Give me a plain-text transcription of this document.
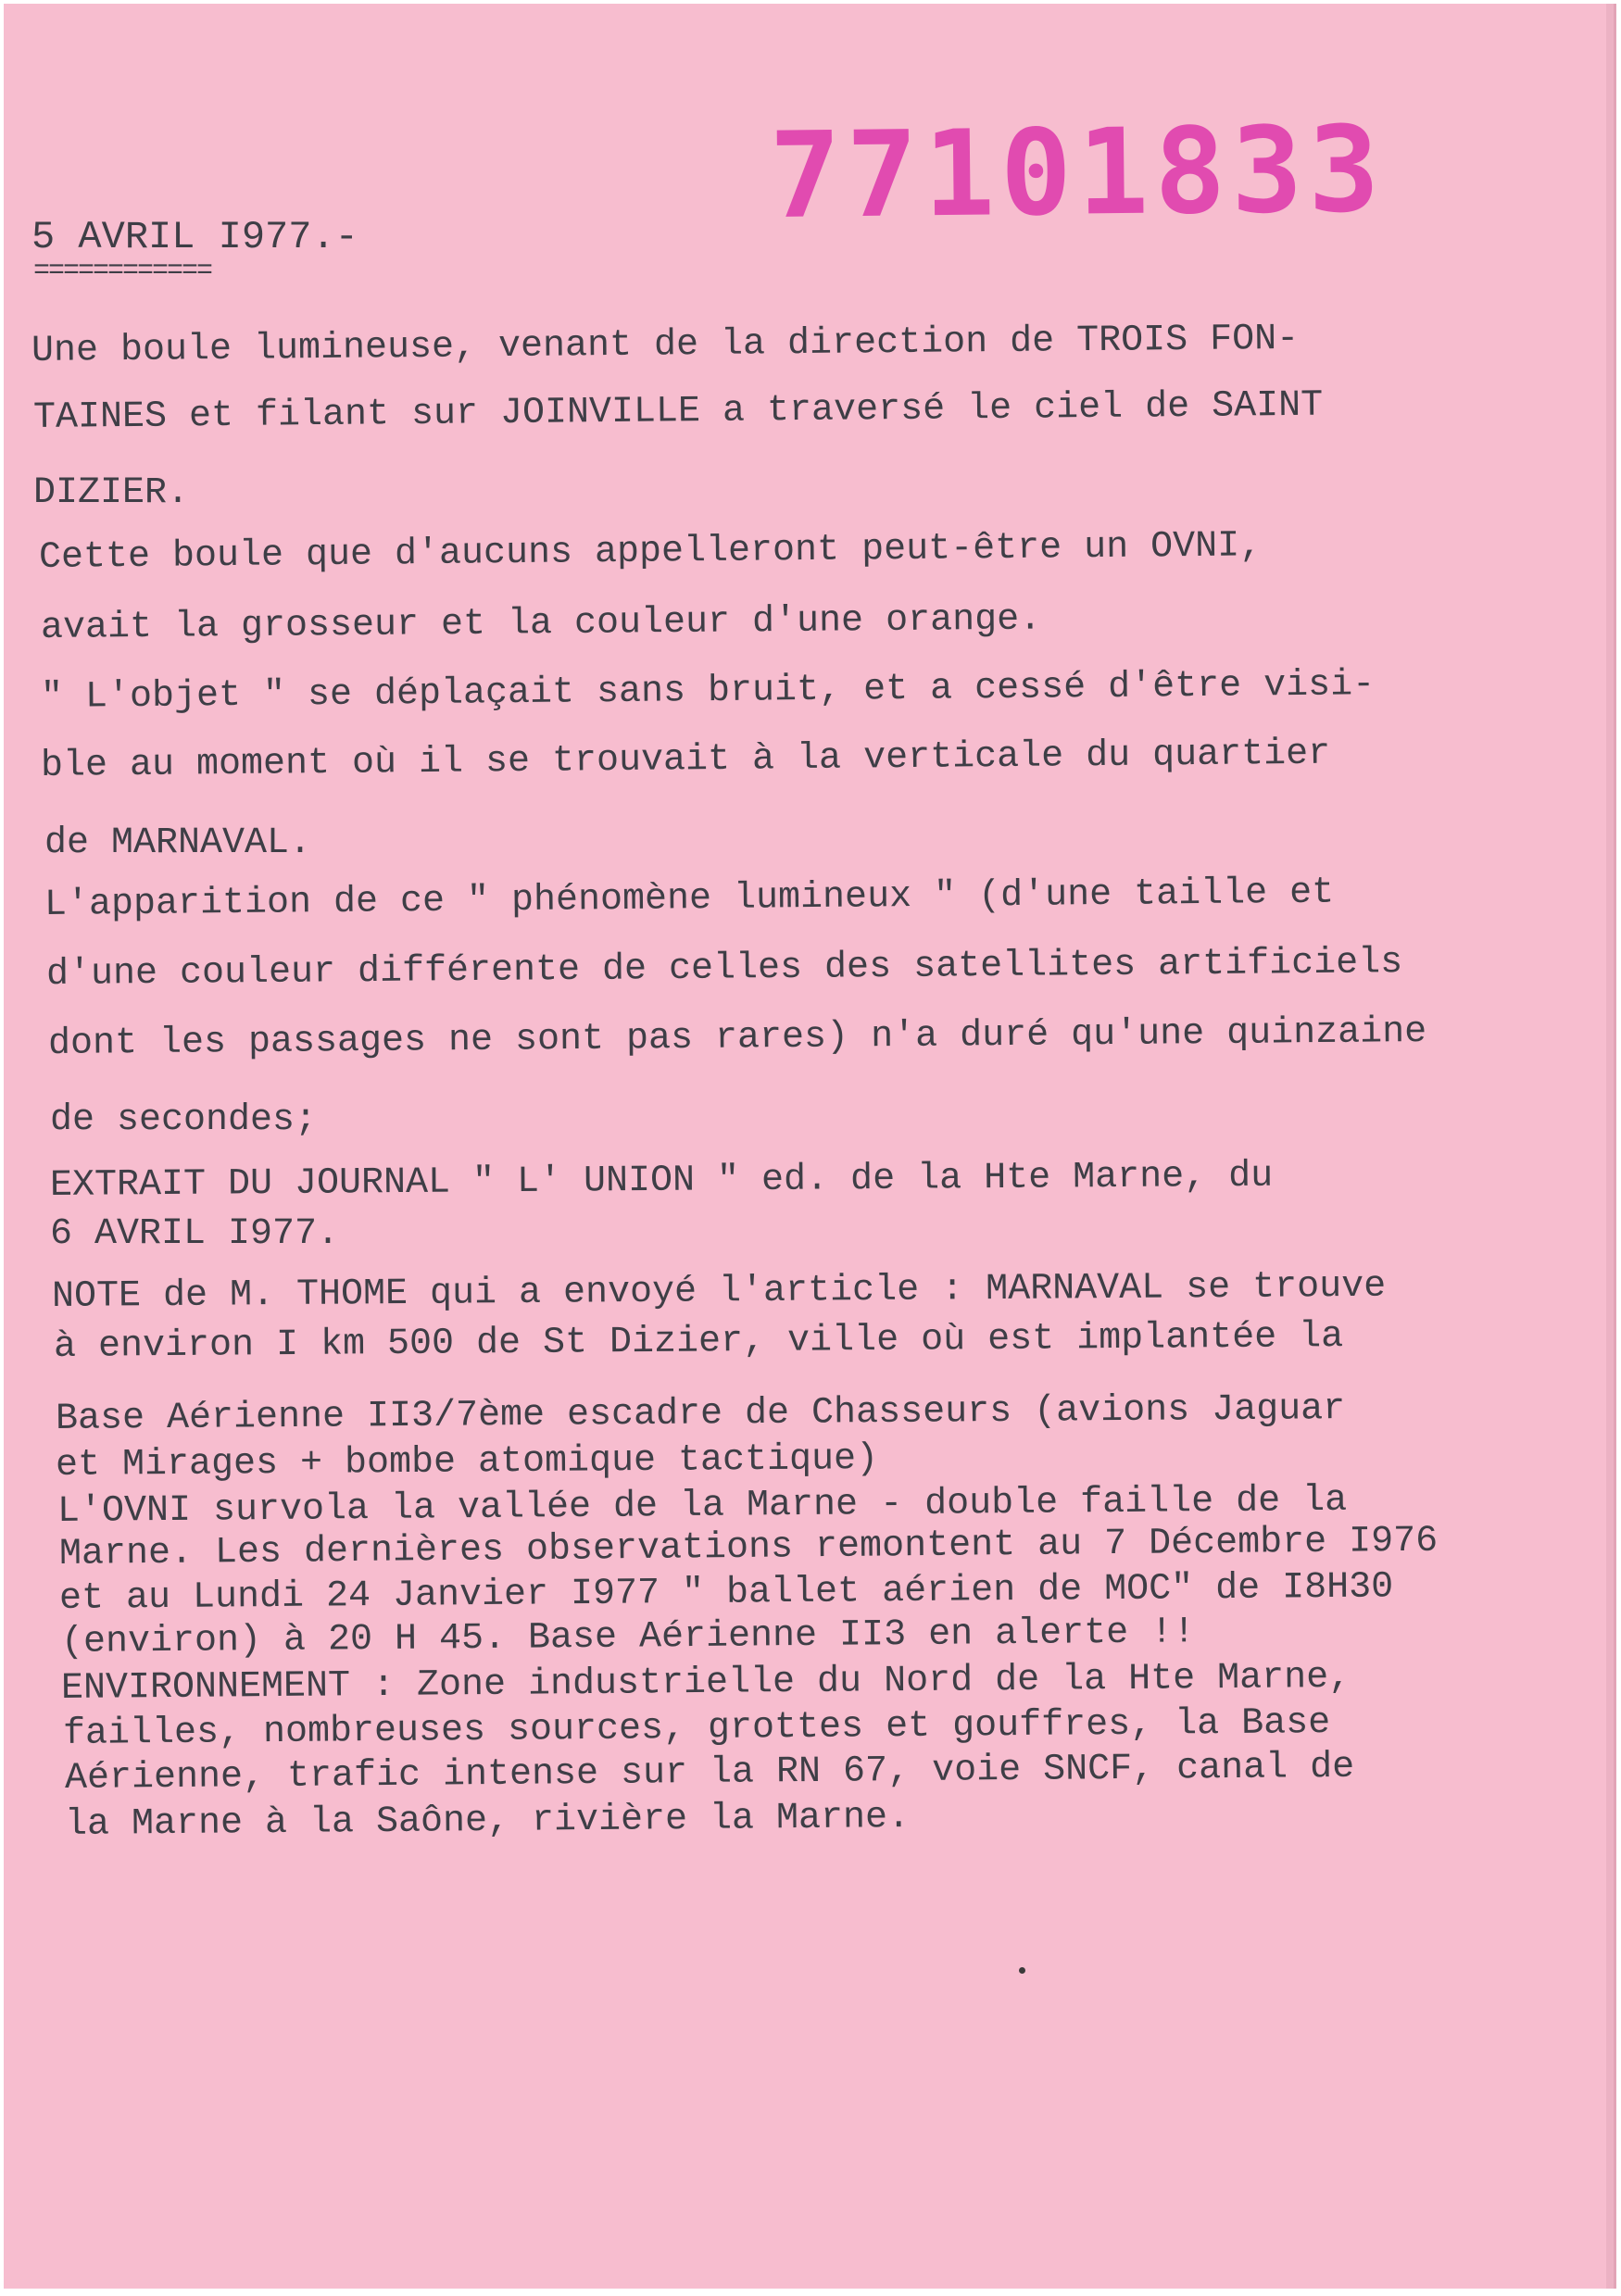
77101833

5 AVRIL I977.-

============

Une boule lumineuse, venant de la direction de TROIS FON-

TAINES et filant sur JOINVILLE a traversé le ciel de SAINT

DIZIER.

Cette boule que d'aucuns appelleront peut-être un OVNI,

avait la grosseur et la couleur d'une orange.

" L'objet " se déplaçait sans bruit, et a cessé d'être visi-

ble au moment où il se trouvait à la verticale du quartier

de MARNAVAL.

L'apparition de ce " phénomène lumineux " (d'une taille et

d'une couleur différente de celles des satellites artificiels

dont les passages ne sont pas rares) n'a duré qu'une quinzaine

de secondes;

EXTRAIT DU JOURNAL " L' UNION " ed. de la Hte Marne, du

6 AVRIL I977.

NOTE de M. THOME qui a envoyé l'article : MARNAVAL se trouve

à environ I km 500 de St Dizier, ville où est implantée la

Base Aérienne II3/7ème escadre de Chasseurs (avions Jaguar

et Mirages + bombe atomique tactique)

L'OVNI survola la vallée de la Marne - double faille de la

Marne. Les dernières observations remontent au 7 Décembre I976

et au Lundi 24 Janvier I977 " ballet aérien de MOC" de I8H30

(environ) à 20 H 45. Base Aérienne II3 en alerte !!

ENVIRONNEMENT : Zone industrielle du Nord de la Hte Marne,

failles, nombreuses sources, grottes et gouffres, la Base

Aérienne, trafic intense sur la RN 67, voie SNCF, canal de

la Marne à la Saône, rivière la Marne.
